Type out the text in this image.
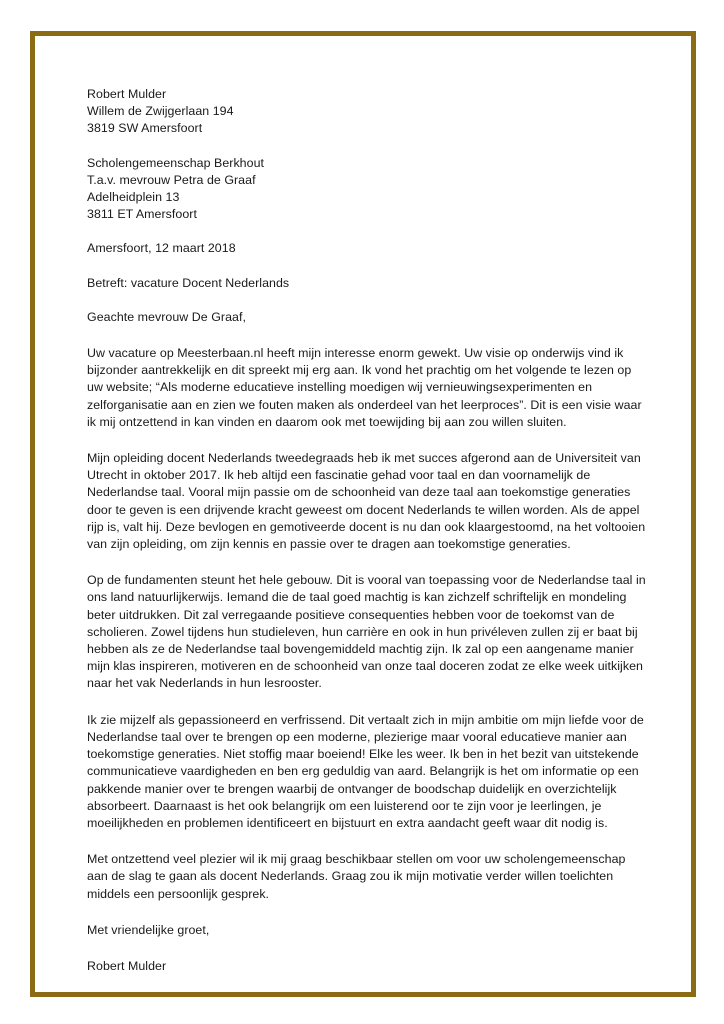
Robert Mulder
Willem de Zwijgerlaan 194
3819 SW Amersfoort
Scholengemeenschap Berkhout
T.a.v. mevrouw Petra de Graaf
Adelheidplein 13
3811 ET Amersfoort
Amersfoort, 12 maart 2018
Betreft: vacature Docent Nederlands
Geachte mevrouw De Graaf,
Uw vacature op Meesterbaan.nl heeft mijn interesse enorm gewekt. Uw visie op onderwijs vind ik
bijzonder aantrekkelijk en dit spreekt mij erg aan. Ik vond het prachtig om het volgende te lezen op
uw website; “Als moderne educatieve instelling moedigen wij vernieuwingsexperimenten en
zelforganisatie aan en zien we fouten maken als onderdeel van het leerproces”. Dit is een visie waar
ik mij ontzettend in kan vinden en daarom ook met toewijding bij aan zou willen sluiten.
Mijn opleiding docent Nederlands tweedegraads heb ik met succes afgerond aan de Universiteit van
Utrecht in oktober 2017. Ik heb altijd een fascinatie gehad voor taal en dan voornamelijk de
Nederlandse taal. Vooral mijn passie om de schoonheid van deze taal aan toekomstige generaties
door te geven is een drijvende kracht geweest om docent Nederlands te willen worden. Als de appel
rijp is, valt hij. Deze bevlogen en gemotiveerde docent is nu dan ook klaargestoomd, na het voltooien
van zijn opleiding, om zijn kennis en passie over te dragen aan toekomstige generaties.
Op de fundamenten steunt het hele gebouw. Dit is vooral van toepassing voor de Nederlandse taal in
ons land natuurlijkerwijs. Iemand die de taal goed machtig is kan zichzelf schriftelijk en mondeling
beter uitdrukken. Dit zal verregaande positieve consequenties hebben voor de toekomst van de
scholieren. Zowel tijdens hun studieleven, hun carrière en ook in hun privéleven zullen zij er baat bij
hebben als ze de Nederlandse taal bovengemiddeld machtig zijn. Ik zal op een aangename manier
mijn klas inspireren, motiveren en de schoonheid van onze taal doceren zodat ze elke week uitkijken
naar het vak Nederlands in hun lesrooster.
Ik zie mijzelf als gepassioneerd en verfrissend. Dit vertaalt zich in mijn ambitie om mijn liefde voor de
Nederlandse taal over te brengen op een moderne, plezierige maar vooral educatieve manier aan
toekomstige generaties. Niet stoffig maar boeiend! Elke les weer. Ik ben in het bezit van uitstekende
communicatieve vaardigheden en ben erg geduldig van aard. Belangrijk is het om informatie op een
pakkende manier over te brengen waarbij de ontvanger de boodschap duidelijk en overzichtelijk
absorbeert. Daarnaast is het ook belangrijk om een luisterend oor te zijn voor je leerlingen, je
moeilijkheden en problemen identificeert en bijstuurt en extra aandacht geeft waar dit nodig is.
Met ontzettend veel plezier wil ik mij graag beschikbaar stellen om voor uw scholengemeenschap
aan de slag te gaan als docent Nederlands. Graag zou ik mijn motivatie verder willen toelichten
middels een persoonlijk gesprek.
Met vriendelijke groet,
Robert Mulder
